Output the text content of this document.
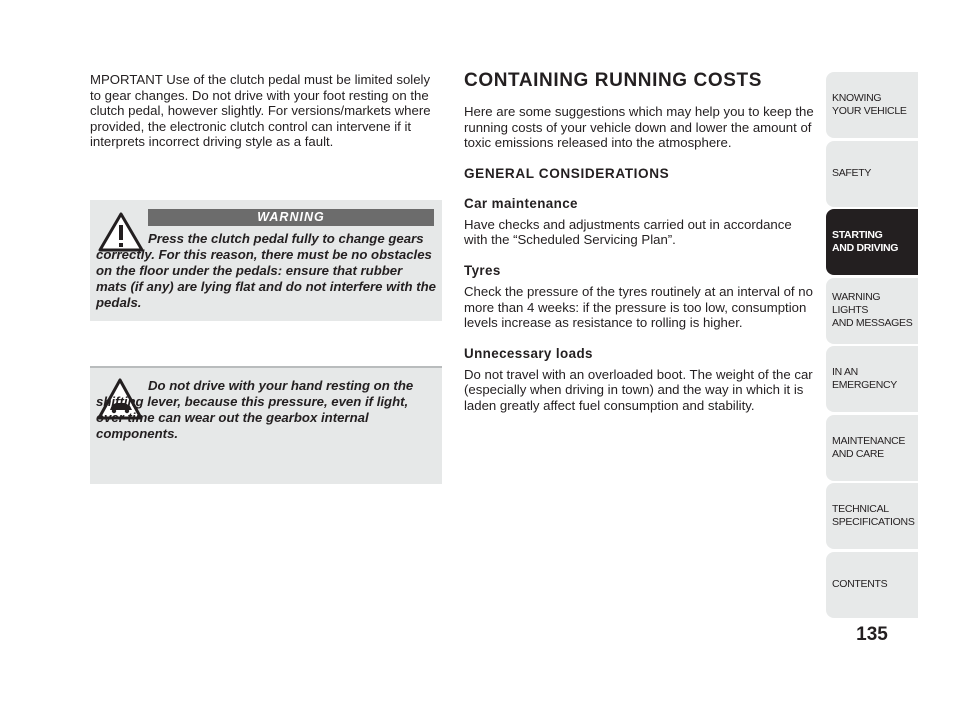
MPORTANT Use of the clutch pedal must be limited solely to gear changes. Do not drive with your foot resting on the clutch pedal, however slightly. For versions/markets where provided, the electronic clutch control can intervene if it interprets incorrect driving style as a fault.

WARNING
Press the clutch pedal fully to change gears correctly. For this reason, there must be no obstacles on the floor under the pedals: ensure that rubber mats (if any) are lying flat and do not interfere with the pedals.
Do not drive with your hand resting on the shifting lever, because this pressure, even if light, over time can wear out the gearbox internal components.
CONTAINING RUNNING COSTS

Here are some suggestions which may help you to keep the running costs of your vehicle down and lower the amount of toxic emissions released into the atmosphere.

GENERAL CONSIDERATIONS
Car maintenance

Have checks and adjustments carried out in accordance with the “Scheduled Servicing Plan”.

Tyres

Check the pressure of the tyres routinely at an interval of no more than 4 weeks: if the pressure is too low, consumption levels increase as resistance to rolling is higher.

Unnecessary loads

Do not travel with an overloaded boot. The weight of the car (especially when driving in town) and the way in which it is laden greatly affect fuel consumption and stability.

KNOWING
YOUR VEHICLE
SAFETY
STARTING
AND DRIVING
WARNING LIGHTS
AND MESSAGES
IN AN
EMERGENCY
MAINTENANCE
AND CARE
TECHNICAL
SPECIFICATIONS
CONTENTS
135
